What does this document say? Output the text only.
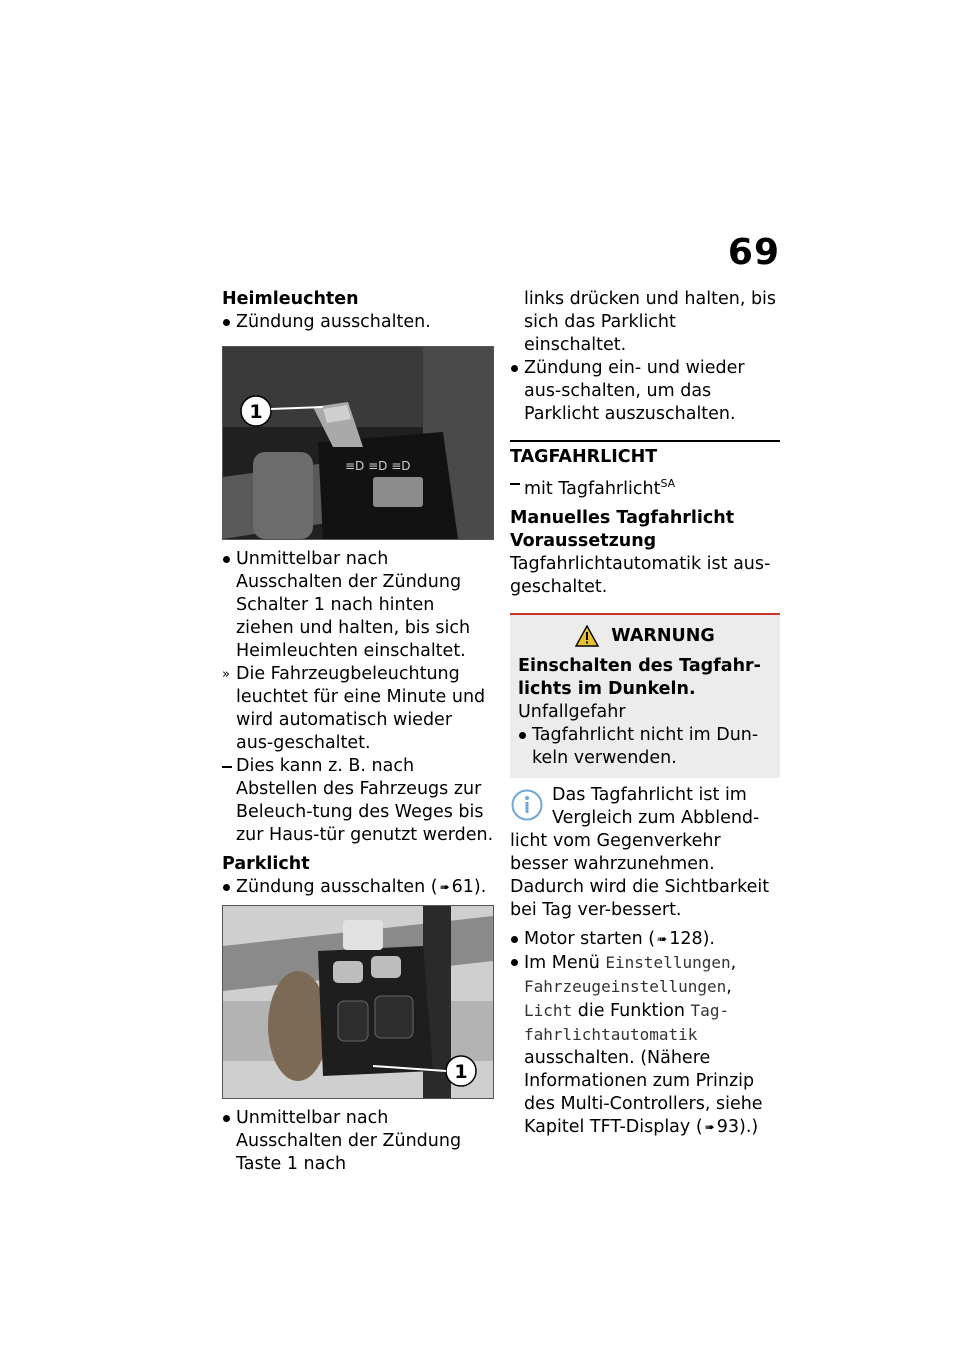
69
Heimleuchten
Zündung ausschalten.
≡D ≡D ≡D
1
Unmittelbar nach Ausschalten der Zündung Schalter 1 nach hinten ziehen und halten, bis sich Heimleuchten einschaltet.
» Die Fahrzeugbeleuchtung leuchtet für eine Minute und wird automatisch wieder aus-geschaltet.
Dies kann z. B. nach Abstellen des Fahrzeugs zur Beleuch-tung des Weges bis zur Haus-tür genutzt werden.
Parklicht
Zündung ausschalten ( ➠ 61).
1
Unmittelbar nach Ausschalten der Zündung Taste 1 nach
links drücken und halten, bis sich das Parklicht einschaltet.
Zündung ein- und wieder aus-schalten, um das Parklicht auszuschalten.
TAGFAHRLICHT
mit Tagfahrlicht$^{SA}$
Manuelles Tagfahrlicht
Voraussetzung
Tagfahrlichtautomatik ist aus-geschaltet.
WARNUNG
Einschalten des Tagfahr-lichts im Dunkeln.
Unfallgefahr
Tagfahrlicht nicht im Dun-keln verwenden.
Das Tagfahrlicht ist im Vergleich zum Abblend-
licht vom Gegenverkehr besser wahrzunehmen. Dadurch wird die Sichtbarkeit bei Tag ver-bessert.
Motor starten ( ➠ 128).
Im Menü Einstellungen, Fahrzeugeinstellungen, Licht die Funktion Tag-fahrlichtautomatik ausschalten. (Nähere Informationen zum Prinzip des Multi-Controllers, siehe Kapitel TFT-Display ( ➠ 93).)
